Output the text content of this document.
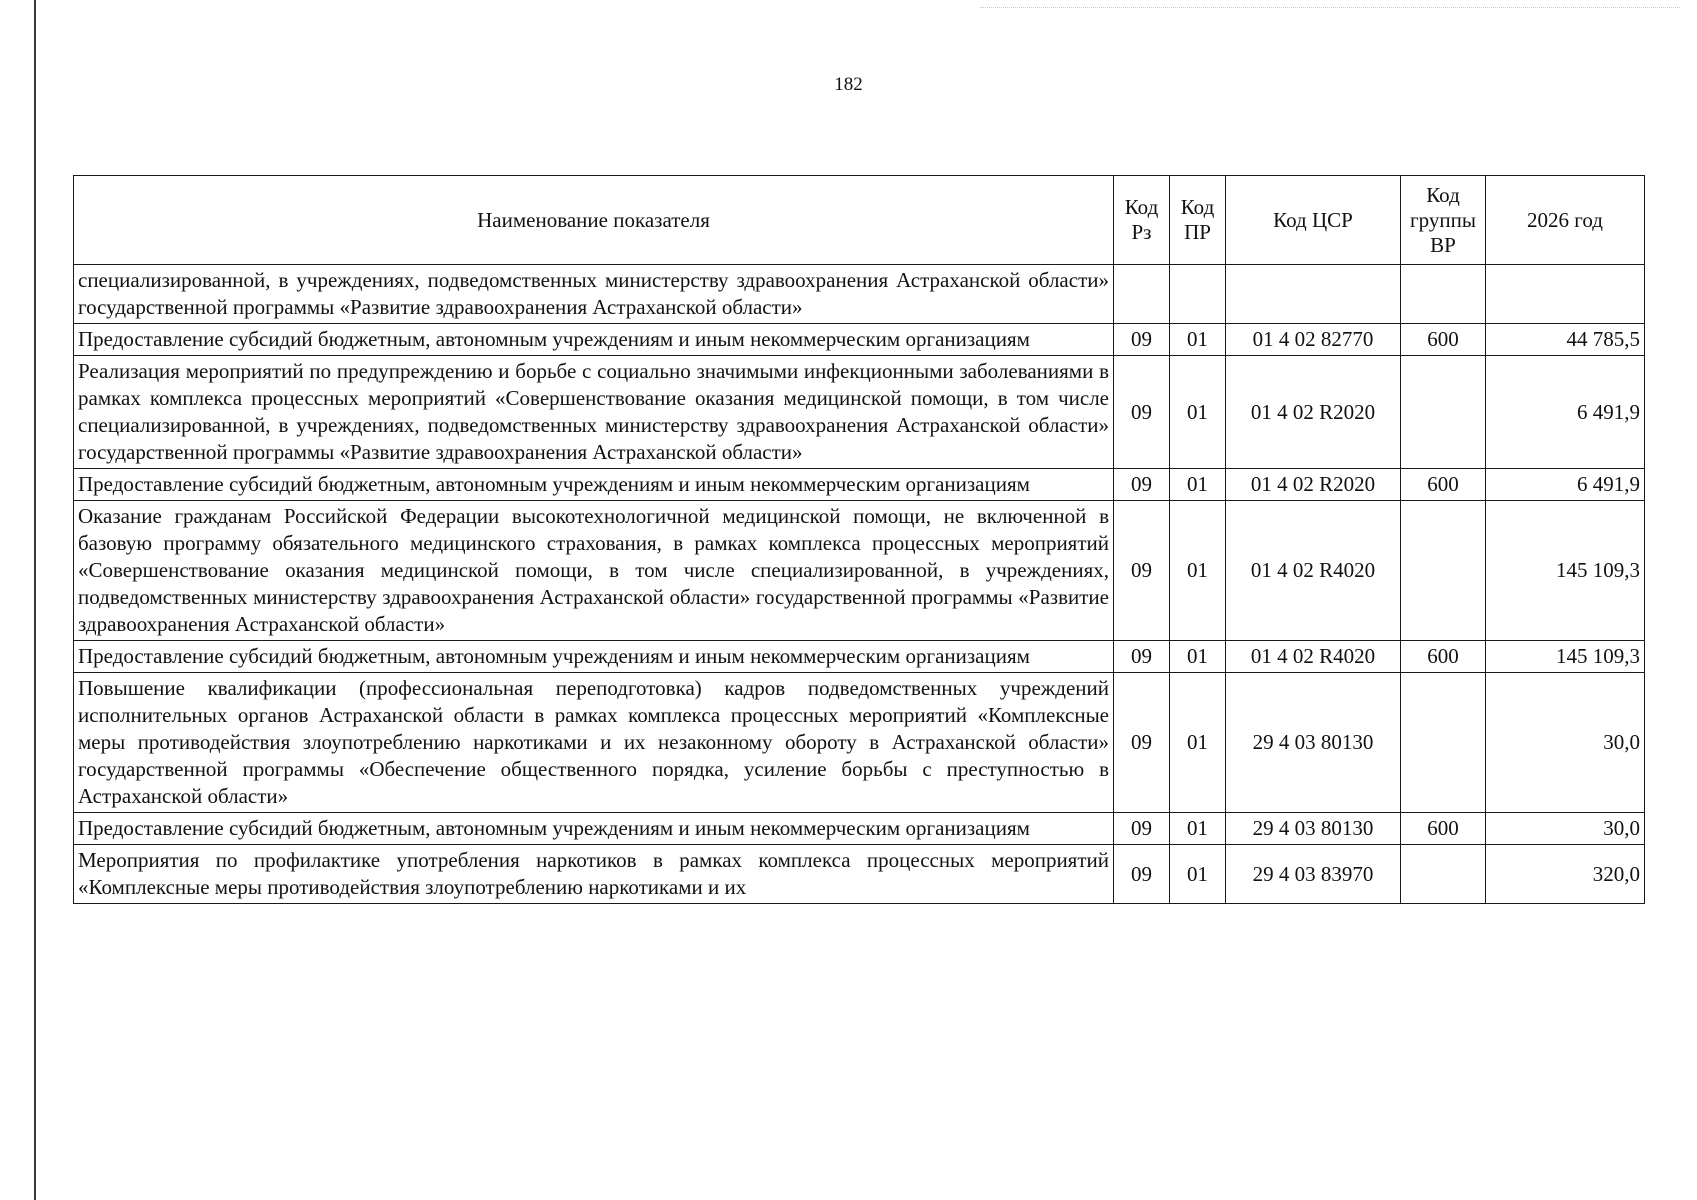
182
Наименование показателя	Код Рз	Код ПР	Код ЦСР	Код группы ВР	2026 год
специализированной, в учреждениях, подведомственных министерству здравоохранения Астраханской области» государственной программы «Развитие здравоохранения Астраханской области»					
Предоставление субсидий бюджетным, автономным учреждениям и иным некоммерческим организациям	09	01	01 4 02 82770	600	44 785,5
Реализация мероприятий по предупреждению и борьбе с социально значимыми инфекционными заболеваниями в рамках комплекса процессных мероприятий «Совершенствование оказания медицинской помощи, в том числе специализированной, в учреждениях, подведомственных министерству здравоохранения Астраханской области» государственной программы «Развитие здравоохранения Астраханской области»	09	01	01 4 02 R2020		6 491,9
Предоставление субсидий бюджетным, автономным учреждениям и иным некоммерческим организациям	09	01	01 4 02 R2020	600	6 491,9
Оказание гражданам Российской Федерации высокотехнологичной медицинской помощи, не включенной в базовую программу обязательного медицинского страхования, в рамках комплекса процессных мероприятий «Совершенствование оказания медицинской помощи, в том числе специализированной, в учреждениях, подведомственных министерству здравоохранения Астраханской области» государственной программы «Развитие здравоохранения Астраханской области»	09	01	01 4 02 R4020		145 109,3
Предоставление субсидий бюджетным, автономным учреждениям и иным некоммерческим организациям	09	01	01 4 02 R4020	600	145 109,3
Повышение квалификации (профессиональная переподготовка) кадров подведомственных учреждений исполнительных органов Астраханской области в рамках комплекса процессных мероприятий «Комплексные меры противодействия злоупотреблению наркотиками и их незаконному обороту в Астраханской области» государственной программы «Обеспечение общественного порядка, усиление борьбы с преступностью в Астраханской области»	09	01	29 4 03 80130		30,0
Предоставление субсидий бюджетным, автономным учреждениям и иным некоммерческим организациям	09	01	29 4 03 80130	600	30,0
Мероприятия по профилактике употребления наркотиков в рамках комплекса процессных мероприятий «Комплексные меры противодействия злоупотреблению наркотиками и их	09	01	29 4 03 83970		320,0
